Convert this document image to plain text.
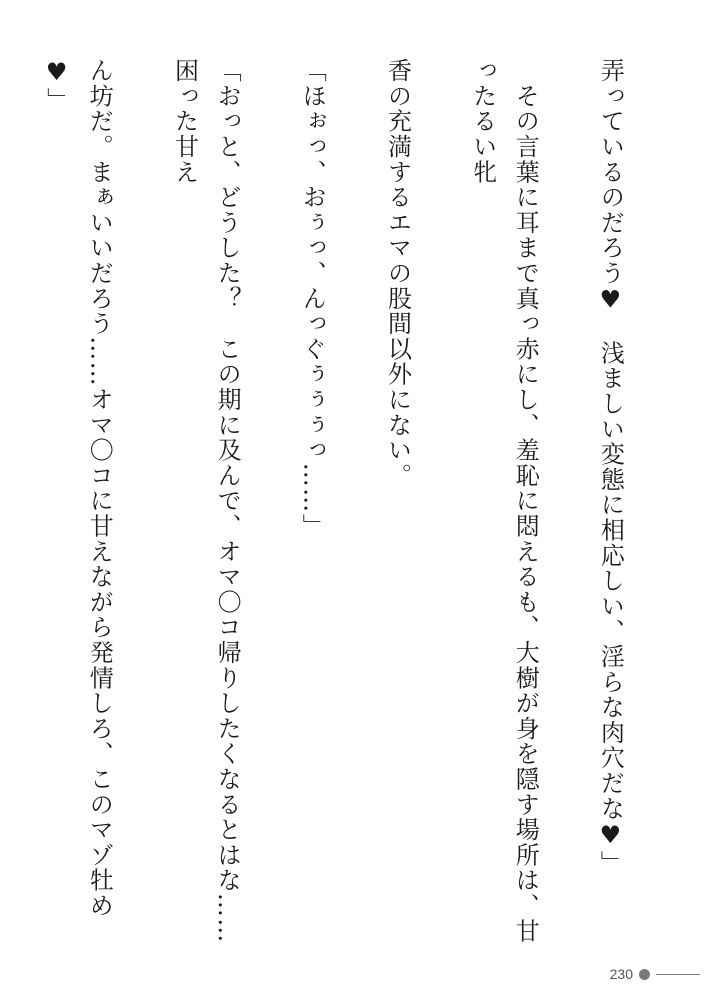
弄っているのだろう♥　浅ましい変態に相応しい、淫らな肉穴だな♥」

　その言葉に耳まで真っ赤にし、羞恥に悶えるも、大樹が身を隠す場所は、甘ったるい牝

香の充満するエマの股間以外にない。

「ほぉっ、おぅっ、んっぐぅぅぅっ……」

「おっと、どうした？　この期に及んで、オマ〇コ帰りしたくなるとはな……困った甘え

ん坊だ。まぁいいだろう……オマ〇コに甘えながら発情しろ、このマゾ牡め♥」

230
